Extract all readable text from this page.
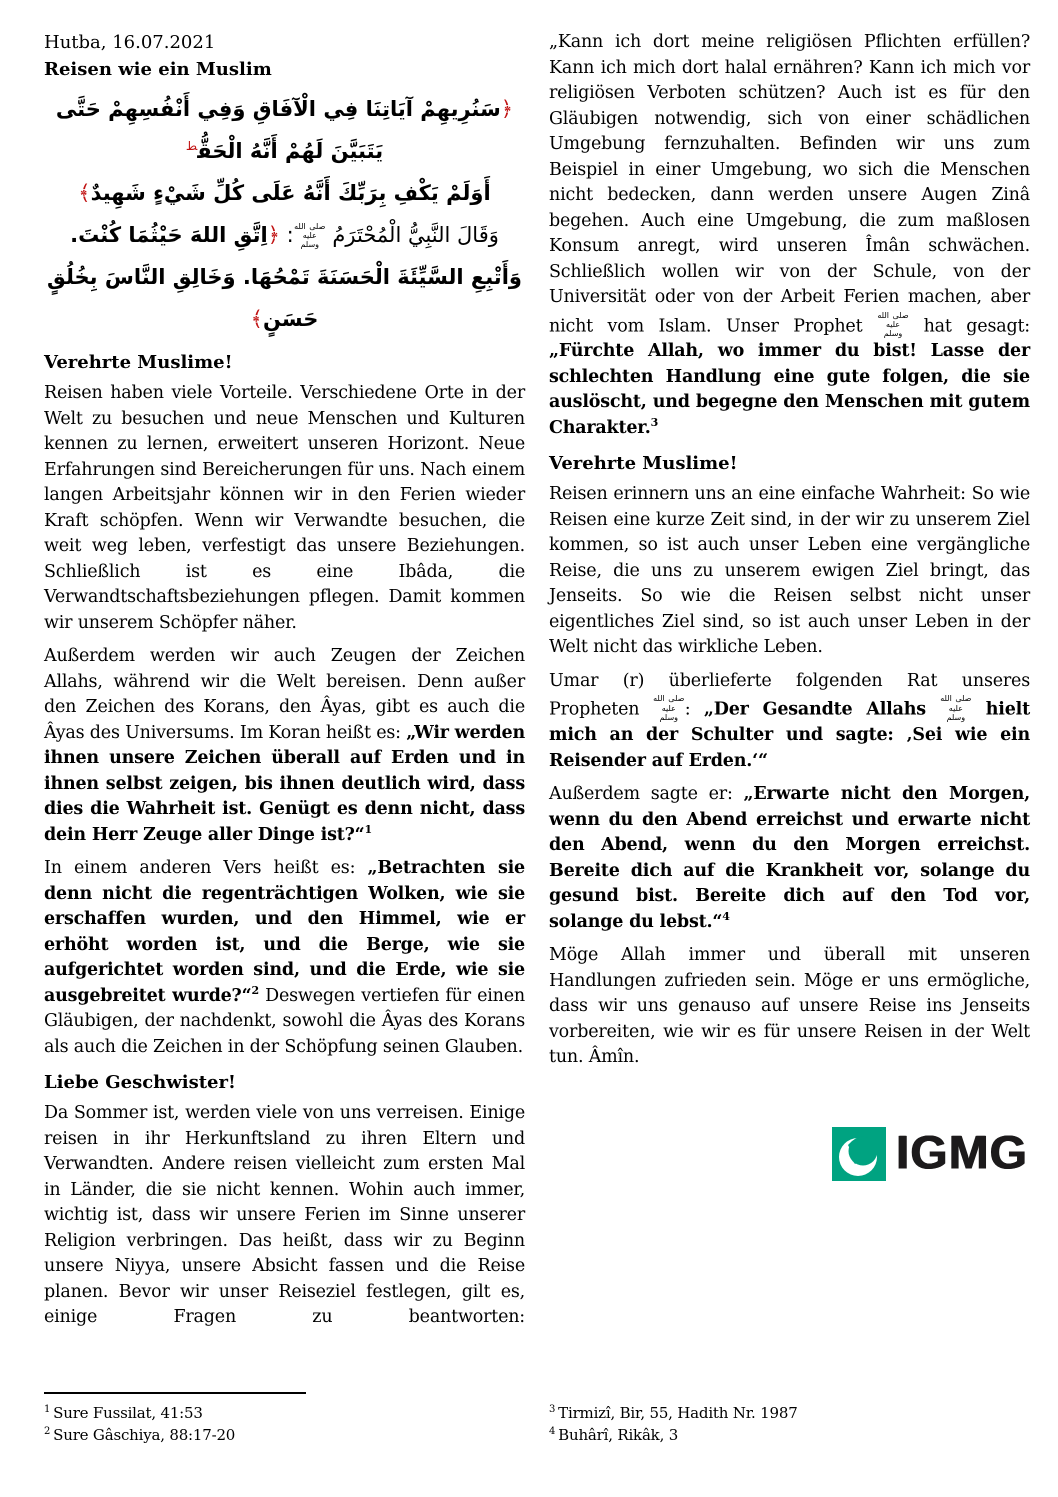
Hutba, 16.07.2021
Reisen wie ein Muslim
﴿سَنُرِيهِمْ آيَاتِنَا فِي الْآفَاقِ وَفِي أَنْفُسِهِمْ حَتَّى يَتَبَيَّنَ لَهُمْ أَنَّهُ الْحَقُّ$^ط$
أَوَلَمْ يَكْفِ بِرَبِّكَ أَنَّهُ عَلَى كُلِّ شَيْءٍ شَهِيدٌ﴾
وَقَالَ النَّبِيُّ الْمُحْتَرَمُ صلى الله عليه وسلم: ﴿اِتَّقِ اللهَ حَيْثُمَا كُنْتَ.
وَأَتْبِعِ السَّيِّئَةَ الْحَسَنَةَ تَمْحُهَا. وَخَالِقِ النَّاسَ بِخُلُقٍ حَسَنٍ﴾
Verehrte Muslime!
Reisen haben viele Vorteile. Verschiedene Orte in der Welt zu besuchen und neue Menschen und Kulturen kennen zu lernen, erweitert unseren Horizont. Neue Erfahrungen sind Bereicherungen für uns. Nach einem langen Arbeitsjahr können wir in den Ferien wieder Kraft schöpfen. Wenn wir Verwandte besuchen, die weit weg leben, verfestigt das unsere Beziehungen. Schließlich ist es eine Ibâda, die Verwandtschaftsbeziehungen pflegen. Damit kommen wir unserem Schöpfer näher.
Außerdem werden wir auch Zeugen der Zeichen Allahs, während wir die Welt bereisen. Denn außer den Zeichen des Korans, den Âyas, gibt es auch die Âyas des Universums. Im Koran heißt es: „Wir werden ihnen unsere Zeichen überall auf Erden und in ihnen selbst zeigen, bis ihnen deutlich wird, dass dies die Wahrheit ist. Genügt es denn nicht, dass dein Herr Zeuge aller Dinge ist?“$^1$
In einem anderen Vers heißt es: „Betrachten sie denn nicht die regenträchtigen Wolken, wie sie erschaffen wurden, und den Himmel, wie er erhöht worden ist, und die Berge, wie sie aufgerichtet worden sind, und die Erde, wie sie ausgebreitet wurde?“$^2$ Deswegen vertiefen für einen Gläubigen, der nachdenkt, sowohl die Âyas des Korans als auch die Zeichen in der Schöpfung seinen Glauben.
Liebe Geschwister!
Da Sommer ist, werden viele von uns verreisen. Einige reisen in ihr Herkunftsland zu ihren Eltern und Verwandten. Andere reisen vielleicht zum ersten Mal in Länder, die sie nicht kennen. Wohin auch immer, wichtig ist, dass wir unsere Ferien im Sinne unserer Religion verbringen. Das heißt, dass wir zu Beginn unsere Niyya, unsere Absicht fassen und die Reise planen. Bevor wir unser Reiseziel festlegen, gilt es, einige Fragen zu beantworten:
„Kann ich dort meine religiösen Pflichten erfüllen? Kann ich mich dort halal ernähren? Kann ich mich vor religiösen Verboten schützen? Auch ist es für den Gläubigen notwendig, sich von einer schädlichen Umgebung fernzuhalten. Befinden wir uns zum Beispiel in einer Umgebung, wo sich die Menschen nicht bedecken, dann werden unsere Augen Zinâ begehen. Auch eine Umgebung, die zum maßlosen Konsum anregt, wird unseren Îmân schwächen. Schließlich wollen wir von der Schule, von der Universität oder von der Arbeit Ferien machen, aber nicht vom Islam. Unser Prophet صلى الله عليه وسلم hat gesagt: „Fürchte Allah, wo immer du bist! Lasse der schlechten Handlung eine gute folgen, die sie auslöscht, und begegne den Menschen mit gutem Charakter.$^3$
Verehrte Muslime!
Reisen erinnern uns an eine einfache Wahrheit: So wie Reisen eine kurze Zeit sind, in der wir zu unserem Ziel kommen, so ist auch unser Leben eine vergängliche Reise, die uns zu unserem ewigen Ziel bringt, das Jenseits. So wie die Reisen selbst nicht unser eigentliches Ziel sind, so ist auch unser Leben in der Welt nicht das wirkliche Leben.
Umar (r) überlieferte folgenden Rat unseres Propheten صلى الله عليه وسلم : „Der Gesandte Allahs صلى الله عليه وسلم hielt mich an der Schulter und sagte: ‚Sei wie ein Reisender auf Erden.‘“
Außerdem sagte er: „Erwarte nicht den Morgen, wenn du den Abend erreichst und erwarte nicht den Abend, wenn du den Morgen erreichst. Bereite dich auf die Krankheit vor, solange du gesund bist. Bereite dich auf den Tod vor, solange du lebst.“$^4$
Möge Allah immer und überall mit unseren Handlungen zufrieden sein. Möge er uns ermögliche, dass wir uns genauso auf unsere Reise ins Jenseits vorbereiten, wie wir es für unsere Reisen in der Welt tun. Âmîn.
IGMG
$^1$ Sure Fussilat, 41:53
$^2$ Sure Gâschiya, 88:17-20
$^3$ Tirmizî, Bir, 55, Hadith Nr. 1987
$^4$ Buhârî, Rikâk, 3
